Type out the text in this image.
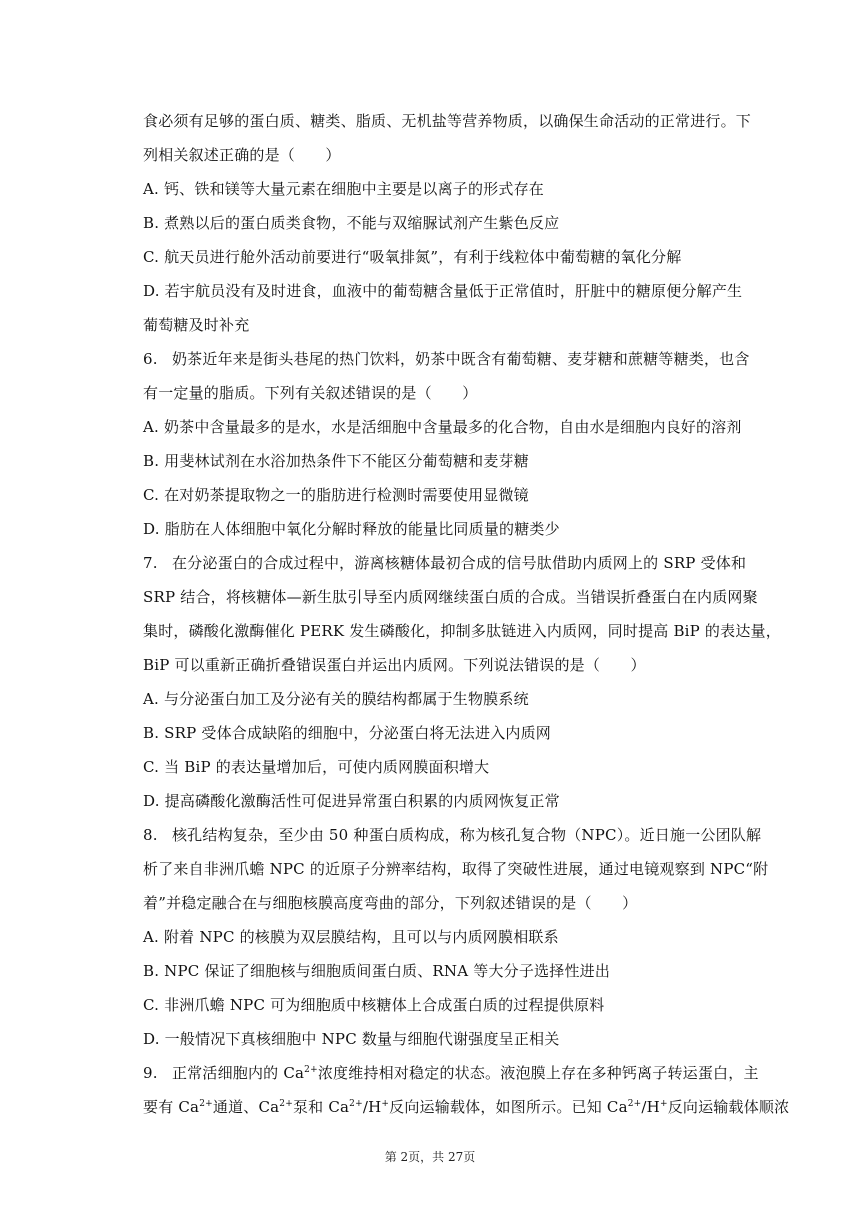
食必须有足够的蛋白质、糖类、脂质、无机盐等营养物质，以确保生命活动的正常进行。下
列相关叙述正确的是（　　）
A. 钙、铁和镁等大量元素在细胞中主要是以离子的形式存在
B. 煮熟以后的蛋白质类食物，不能与双缩脲试剂产生紫色反应
C. 航天员进行舱外活动前要进行“吸氧排氮”，有利于线粒体中葡萄糖的氧化分解
D. 若宇航员没有及时进食，血液中的葡萄糖含量低于正常值时，肝脏中的糖原便分解产生
葡萄糖及时补充
6. 奶茶近年来是街头巷尾的热门饮料，奶茶中既含有葡萄糖、麦芽糖和蔗糖等糖类，也含
有一定量的脂质。下列有关叙述错误的是（　　）
A. 奶茶中含量最多的是水，水是活细胞中含量最多的化合物，自由水是细胞内良好的溶剂
B. 用斐林试剂在水浴加热条件下不能区分葡萄糖和麦芽糖
C. 在对奶茶提取物之一的脂肪进行检测时需要使用显微镜
D. 脂肪在人体细胞中氧化分解时释放的能量比同质量的糖类少
7. 在分泌蛋白的合成过程中，游离核糖体最初合成的信号肽借助内质网上的 SRP 受体和
SRP 结合，将核糖体—新生肽引导至内质网继续蛋白质的合成。当错误折叠蛋白在内质网聚
集时，磷酸化激酶催化 PERK 发生磷酸化，抑制多肽链进入内质网，同时提高 BiP 的表达量，
BiP 可以重新正确折叠错误蛋白并运出内质网。下列说法错误的是（　　）
A. 与分泌蛋白加工及分泌有关的膜结构都属于生物膜系统
B. SRP 受体合成缺陷的细胞中，分泌蛋白将无法进入内质网
C. 当 BiP 的表达量增加后，可使内质网膜面积增大
D. 提高磷酸化激酶活性可促进异常蛋白积累的内质网恢复正常
8. 核孔结构复杂，至少由 50 种蛋白质构成，称为核孔复合物（NPC）。近日施一公团队解
析了来自非洲爪蟾 NPC 的近原子分辨率结构，取得了突破性进展，通过电镜观察到 NPC“附
着”并稳定融合在与细胞核膜高度弯曲的部分，下列叙述错误的是（　　）
A. 附着 NPC 的核膜为双层膜结构，且可以与内质网膜相联系
B. NPC 保证了细胞核与细胞质间蛋白质、RNA 等大分子选择性进出
C. 非洲爪蟾 NPC 可为细胞质中核糖体上合成蛋白质的过程提供原料
D. 一般情况下真核细胞中 NPC 数量与细胞代谢强度呈正相关
9. 正常活细胞内的 $Ca^{2+}$浓度维持相对稳定的状态。液泡膜上存在多种钙离子转运蛋白，主
要有 $Ca^{2+}$通道、$Ca^{2+}$泵和 $Ca^{2+}/H^+$反向运输载体，如图所示。已知 $Ca^{2+}/H^+$反向运输载体顺浓
第 2页，共 27页
